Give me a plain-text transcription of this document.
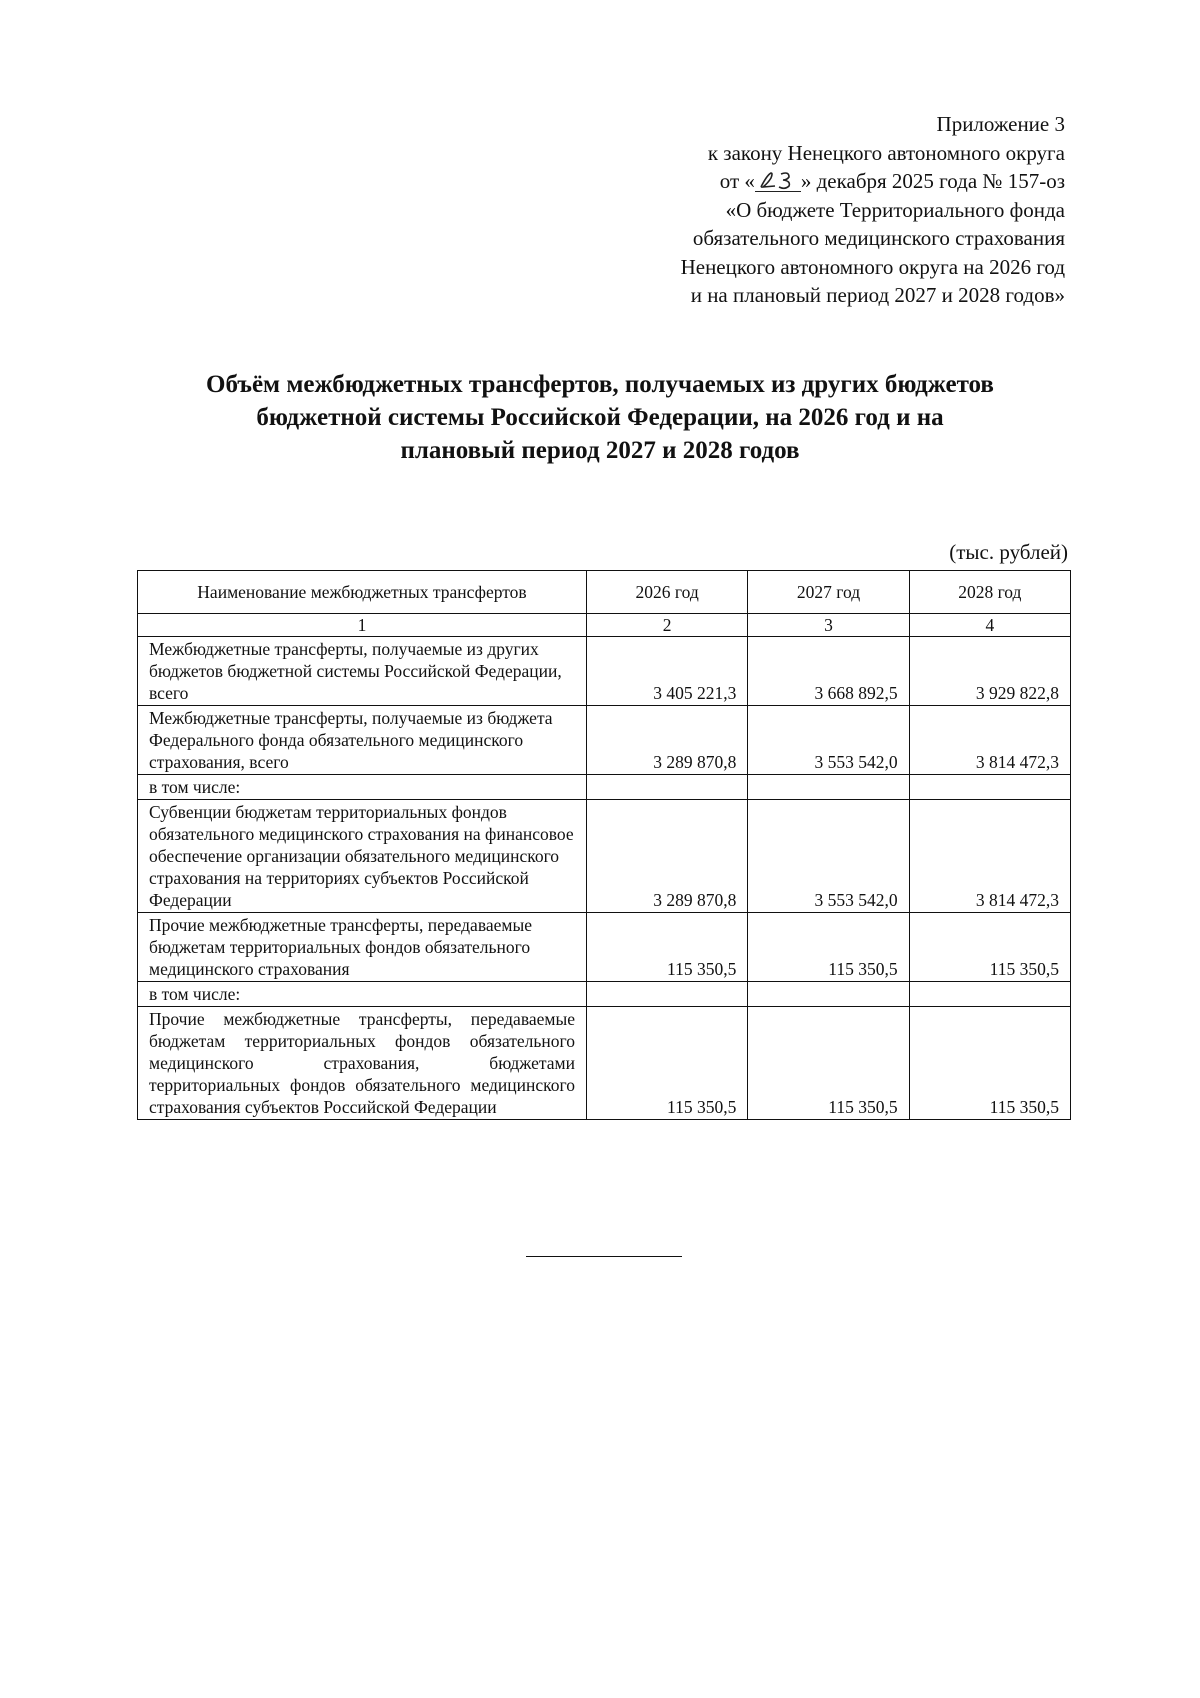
Приложение 3
к закону Ненецкого автономного округа
от « » декабря 2025 года № 157-оз
«О бюджете Территориального фонда
обязательного медицинского страхования
Ненецкого автономного округа на 2026 год
и на плановый период 2027 и 2028 годов»
Объём межбюджетных трансфертов, получаемых из других бюджетов
бюджетной системы Российской Федерации, на 2026 год и на
плановый период 2027 и 2028 годов
(тыс. рублей)
Наименование межбюджетных трансфертов	2026 год	2027 год	2028 год
1	2	3	4
Межбюджетные трансферты, получаемые из других бюджетов бюджетной системы Российской Федерации, всего	3 405 221,3	3 668 892,5	3 929 822,8
Межбюджетные трансферты, получаемые из бюджета Федерального фонда обязательного медицинского страхования, всего	3 289 870,8	3 553 542,0	3 814 472,3
в том числе:			
Субвенции бюджетам территориальных фондов обязательного медицинского страхования на финансовое обеспечение организации обязательного медицинского страхования на территориях субъектов Российской Федерации	3 289 870,8	3 553 542,0	3 814 472,3
Прочие межбюджетные трансферты, передаваемые бюджетам территориальных фондов обязательного медицинского страхования	115 350,5	115 350,5	115 350,5
в том числе:			
Прочие межбюджетные трансферты, передаваемые бюджетам территориальных фондов обязательного медицинского страхования, бюджетами территориальных фондов обязательного медицинского страхования субъектов Российской Федерации	115 350,5	115 350,5	115 350,5
